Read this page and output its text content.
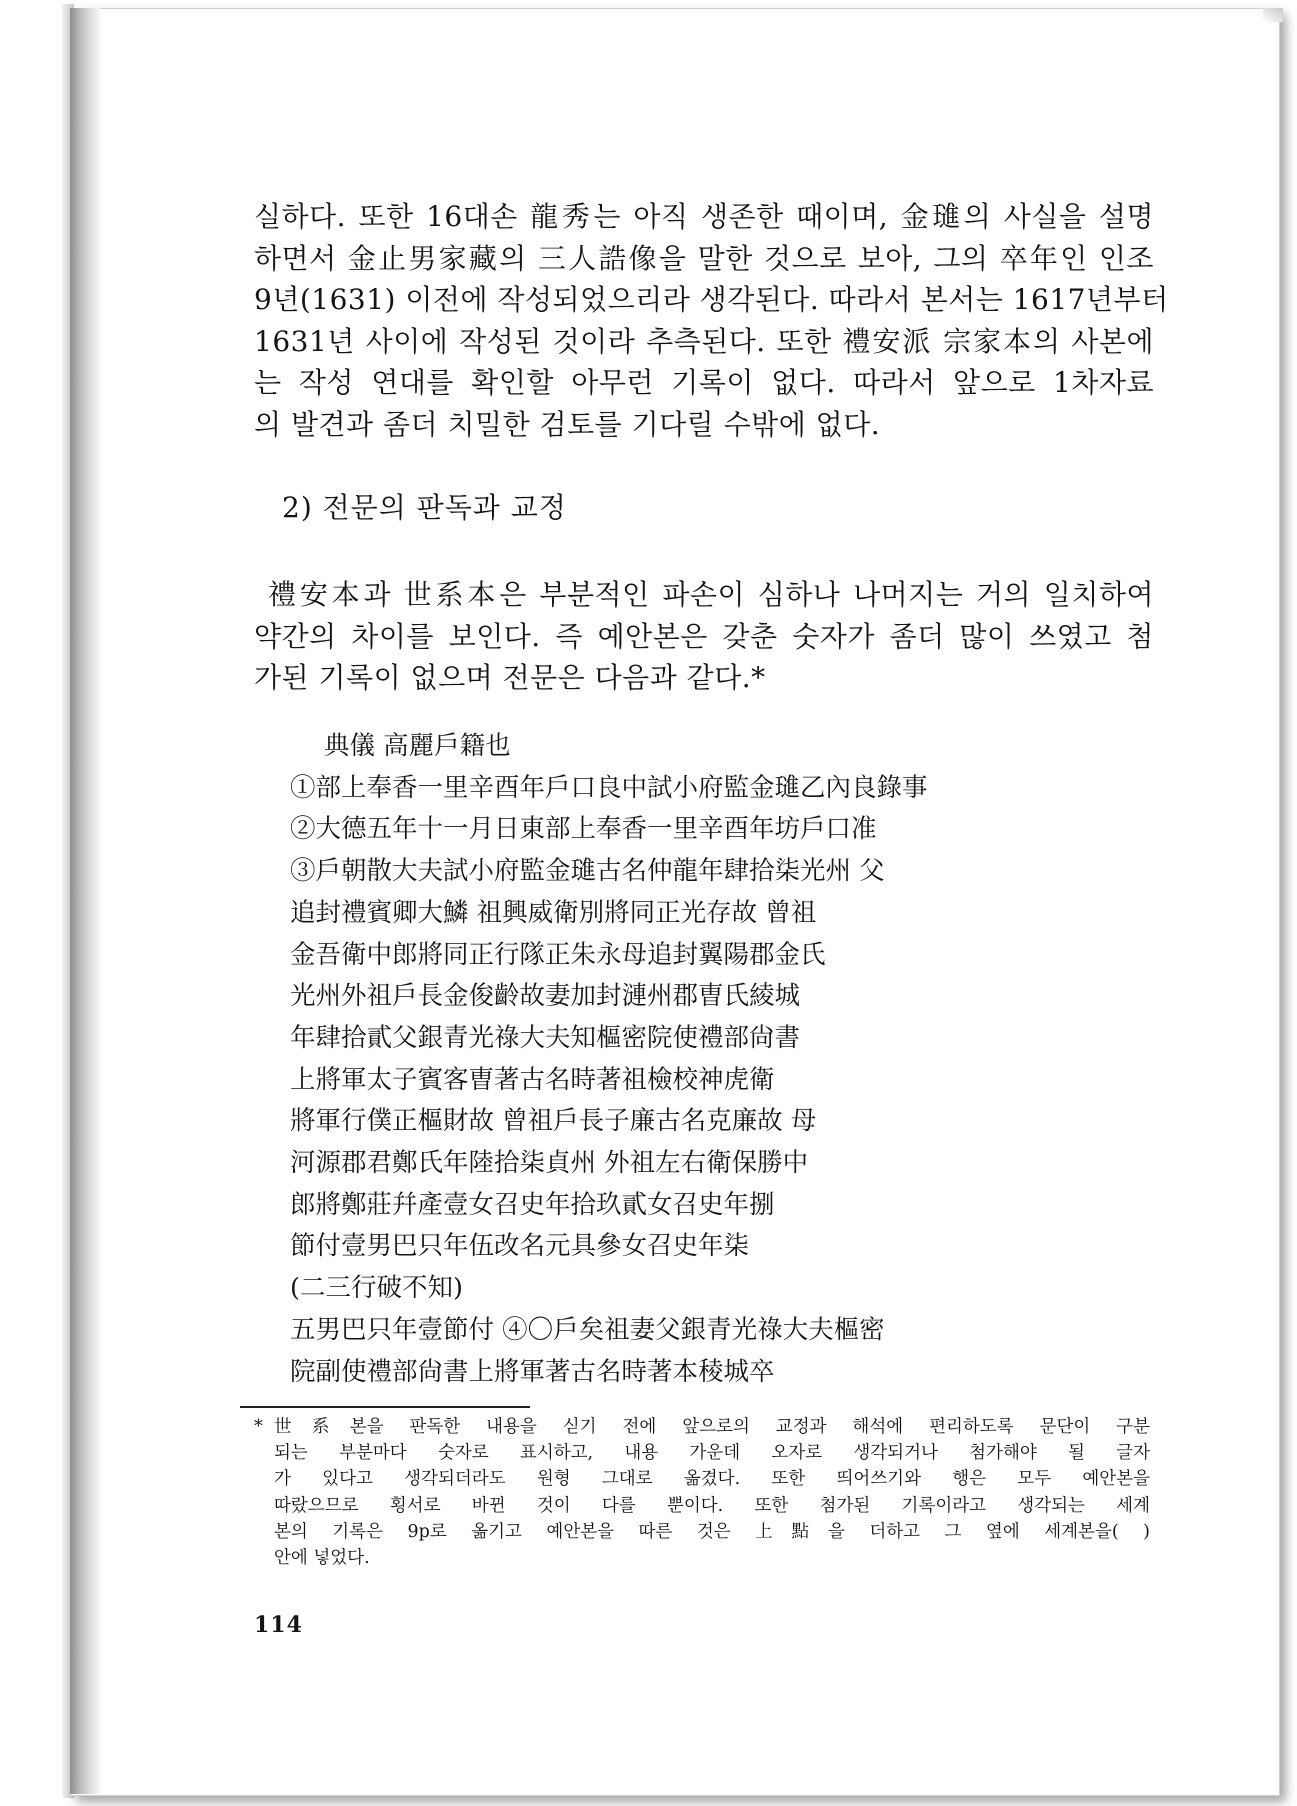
실하다. 또한 16대손 龍秀는 아직 생존한 때이며, 金璡의 사실을 설명
하면서 金止男家藏의 三人誥像을 말한 것으로 보아, 그의 卒年인 인조
9년(1631) 이전에 작성되었으리라 생각된다. 따라서 본서는 1617년부터
1631년 사이에 작성된 것이라 추측된다. 또한 禮安派 宗家本의 사본에
는 작성 연대를 확인할 아무런 기록이 없다. 따라서 앞으로 1차자료
의 발견과 좀더 치밀한 검토를 기다릴 수밖에 없다.
2) 전문의 판독과 교정
禮安本과 世系本은 부분적인 파손이 심하나 나머지는 거의 일치하여
약간의 차이를 보인다. 즉 예안본은 갖춘 숫자가 좀더 많이 쓰였고 첨
가된 기록이 없으며 전문은 다음과 같다.*
典儀 高麗戶籍也
①部上奉香一里辛酉年戶口良中試小府監金璡乙內良錄事
②大德五年十一月日東部上奉香一里辛酉年坊戶口准
③戶朝散大夫試小府監金璡古名仲龍年肆拾柒光州 父
追封禮賓卿大鱗 祖興威衛別將同正光存故 曾祖
金吾衛中郎將同正行隊正朱永母追封翼陽郡金氏
光州外祖戶長金俊齡故妻加封漣州郡曺氏綾城
年肆拾貳父銀青光祿大夫知樞密院使禮部尙書
上將軍太子賓客曺著古名時著祖檢校神虎衛
將軍行僕正樞財故 曾祖戶長子廉古名克廉故 母
河源郡君鄭氏年陸拾柒貞州 外祖左右衛保勝中
郎將鄭莊幷產壹女召史年拾玖貳女召史年捌
節付壹男巴只年伍改名元具參女召史年柒
(二三行破不知)
五男巴只年壹節付 ④〇戶矣祖妻父銀青光祿大夫樞密
院副使禮部尙書上將軍著古名時著本稜城卒
* 世系본을 판독한 내용을 싣기 전에 앞으로의 교정과 해석에 편리하도록 문단이 구분
되는 부분마다 숫자로 표시하고, 내용 가운데 오자로 생각되거나 첨가해야 될 글자
가 있다고 생각되더라도 원형 그대로 옮겼다. 또한 띄어쓰기와 행은 모두 예안본을
따랐으므로 횡서로 바뀐 것이 다를 뿐이다. 또한 첨가된 기록이라고 생각되는 세계
본의 기록은 9p로 옮기고 예안본을 따른 것은 上點을 더하고 그 옆에 세계본을( )
안에 넣었다.
114
